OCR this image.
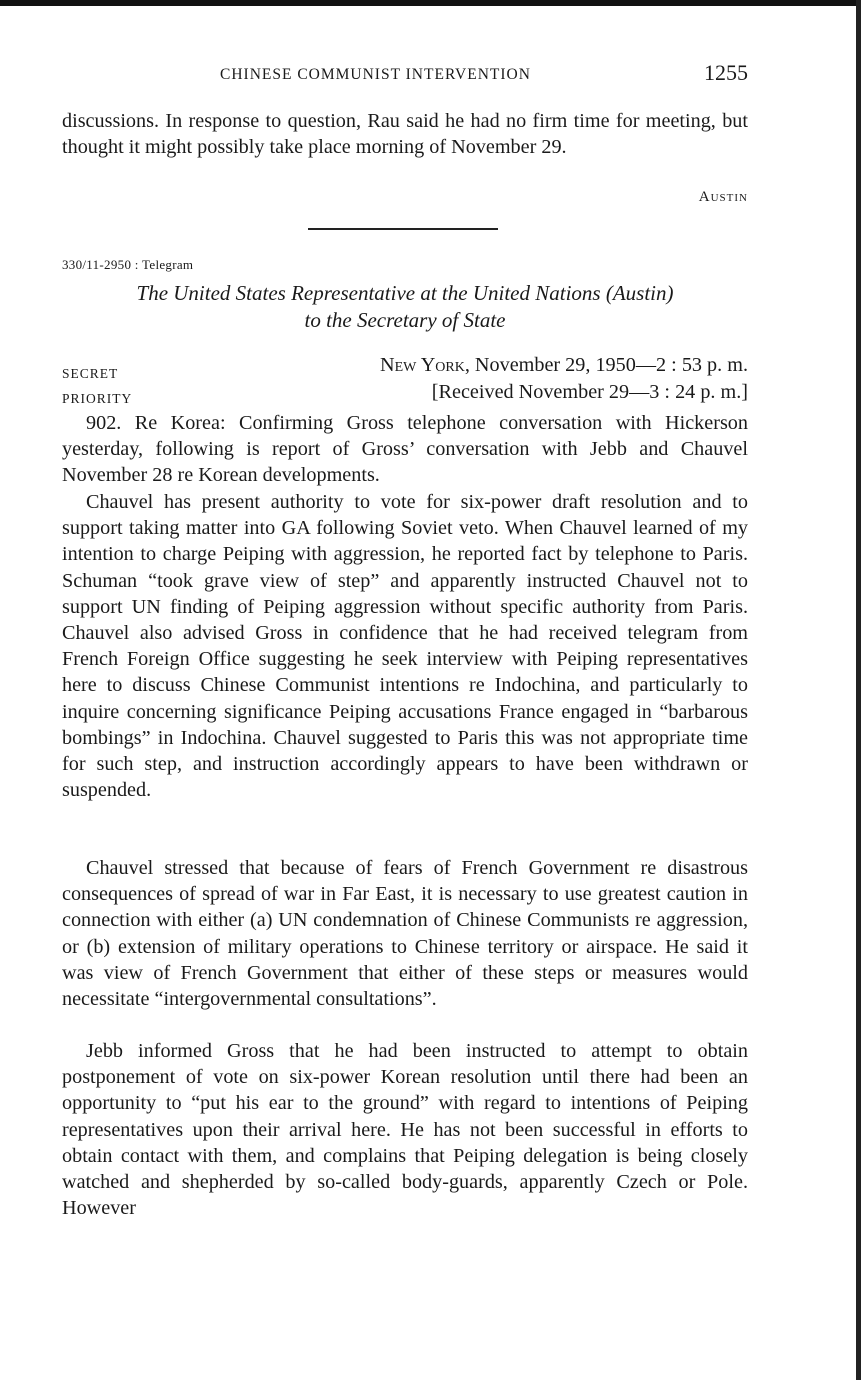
CHINESE COMMUNIST INTERVENTION	1255

discussions. In response to question, Rau said he had no firm time for meeting, but thought it might possibly take place morning of November 29.

Austin
330/11-2950 : Telegram

The United States Representative at the United Nations (Austin)
to the Secretary of State

SECRET
PRIORITY
New York, November 29, 1950—2 : 53 p. m.
[Received November 29—3 : 24 p. m.]

902. Re Korea: Confirming Gross telephone conversation with Hickerson yesterday, following is report of Gross’ conversation with Jebb and Chauvel November 28 re Korean developments.

Chauvel has present authority to vote for six-power draft resolution and to support taking matter into GA following Soviet veto. When Chauvel learned of my intention to charge Peiping with aggression, he reported fact by telephone to Paris. Schuman “took grave view of step” and apparently instructed Chauvel not to support UN finding of Peiping aggression without specific authority from Paris. Chauvel also advised Gross in confidence that he had received telegram from French Foreign Office suggesting he seek interview with Peiping representatives here to discuss Chinese Communist intentions re Indochina, and particularly to inquire concerning significance Peiping accusations France engaged in “barbarous bombings” in Indochina. Chauvel suggested to Paris this was not appropriate time for such step, and instruction accordingly appears to have been withdrawn or suspended.

Chauvel stressed that because of fears of French Government re disastrous consequences of spread of war in Far East, it is necessary to use greatest caution in connection with either (a) UN condemnation of Chinese Communists re aggression, or (b) extension of military operations to Chinese territory or airspace. He said it was view of French Government that either of these steps or measures would necessitate “intergovernmental consultations”.

Jebb informed Gross that he had been instructed to attempt to obtain postponement of vote on six-power Korean resolution until there had been an opportunity to “put his ear to the ground” with regard to intentions of Peiping representatives upon their arrival here. He has not been successful in efforts to obtain contact with them, and complains that Peiping delegation is being closely watched and shepherded by so-called body-guards, apparently Czech or Pole. However
